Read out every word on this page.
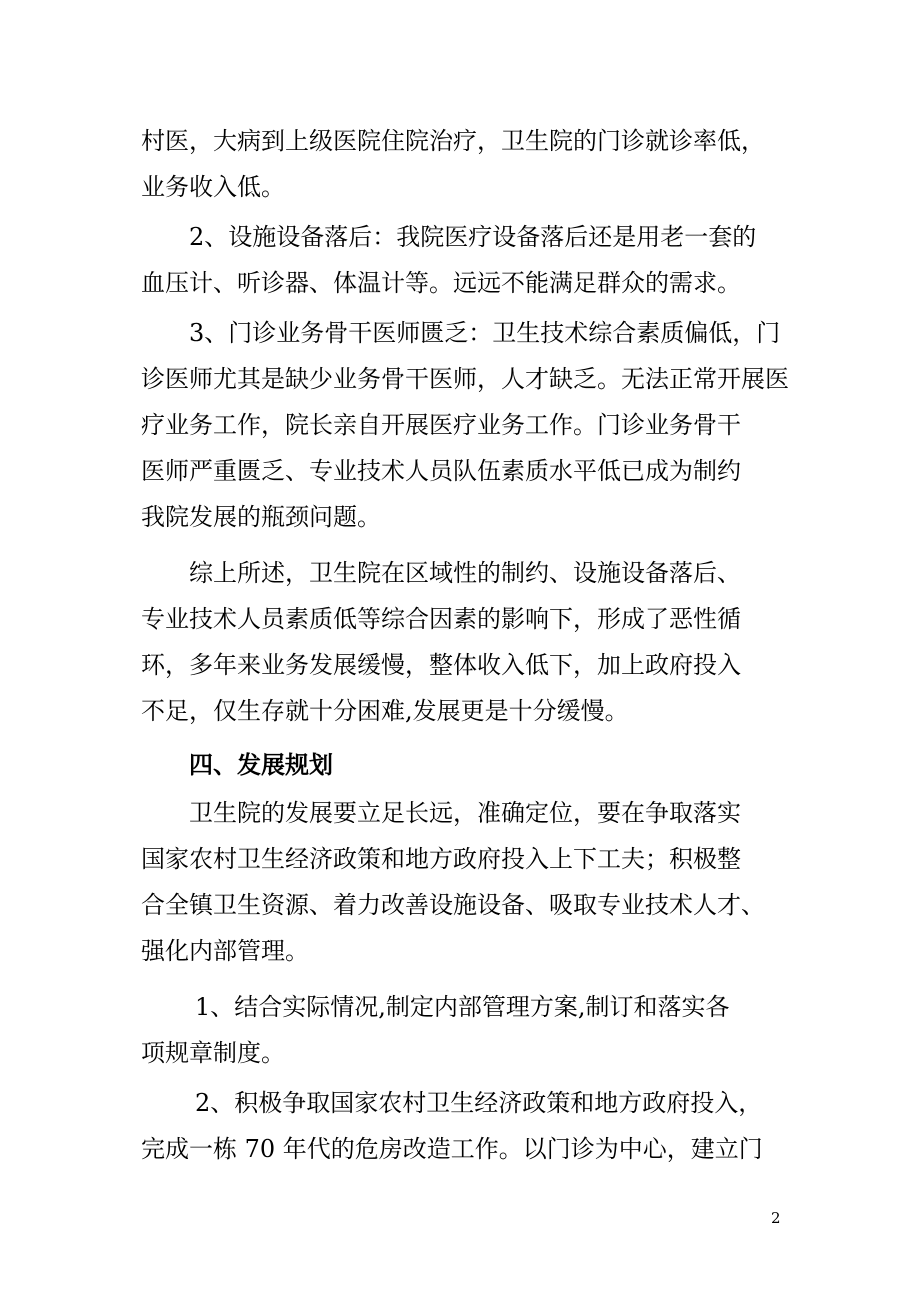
村医，大病到上级医院住院治疗，卫生院的门诊就诊率低，
业务收入低。
2、设施设备落后：我院医疗设备落后还是用老一套的
血压计、听诊器、体温计等。远远不能满足群众的需求。
3、门诊业务骨干医师匮乏：卫生技术综合素质偏低，门
诊医师尤其是缺少业务骨干医师，人才缺乏。无法正常开展医
疗业务工作，院长亲自开展医疗业务工作。门诊业务骨干
医师严重匮乏、专业技术人员队伍素质水平低已成为制约
我院发展的瓶颈问题。
综上所述，卫生院在区域性的制约、设施设备落后、
专业技术人员素质低等综合因素的影响下，形成了恶性循
环，多年来业务发展缓慢，整体收入低下，加上政府投入
不足，仅生存就十分困难,发展更是十分缓慢。
四、发展规划
卫生院的发展要立足长远，准确定位，要在争取落实
国家农村卫生经济政策和地方政府投入上下工夫；积极整
合全镇卫生资源、着力改善设施设备、吸取专业技术人才、
强化内部管理。
1、结合实际情况,制定内部管理方案,制订和落实各
项规章制度。
2、积极争取国家农村卫生经济政策和地方政府投入，
完成一栋 70 年代的危房改造工作。以门诊为中心，建立门
2
